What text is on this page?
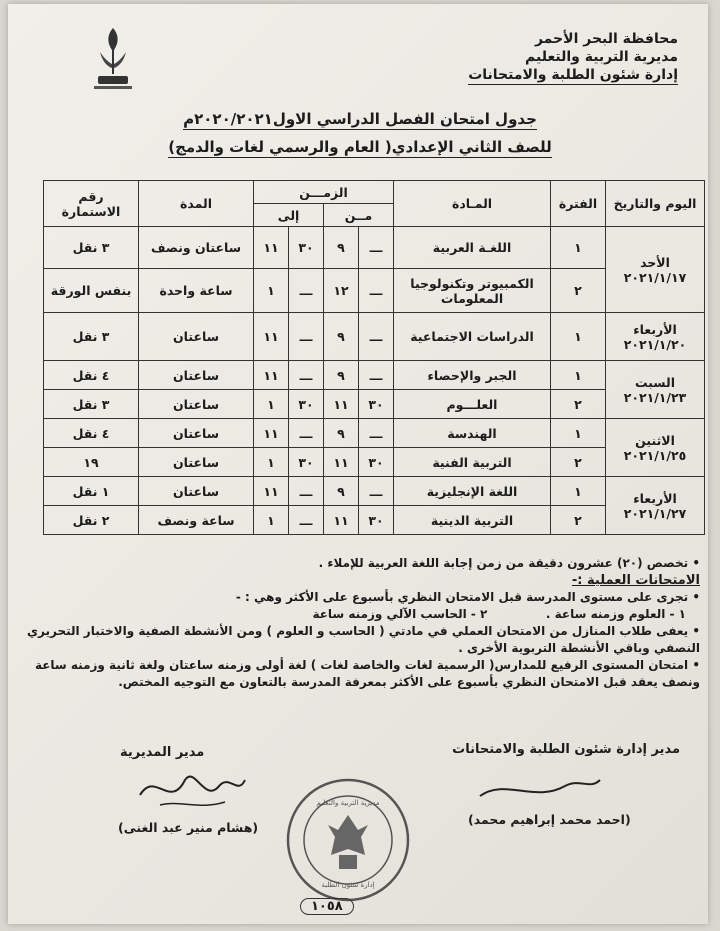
محافظة البحر الأحمر
مديرية التربية والتعليم
إدارة شئون الطلبة والامتحانات
جدول امتحان الفصل الدراسي الاول٢٠٢٠/٢٠٢١م
للصف الثاني الإعدادي( العام والرسمي لغات والدمج)
اليوم والتاريخ	الفترة	المـادة	الزمـــن				المدة	رقم الاستمارة
			مــن		إلى			

الأحد
٢٠٢١/١/١٧	١	اللغـة العربية	ـــ	٩	٣٠	١١	ساعتان ونصف	٣ نقل
	٢	الكمبيوتر وتكنولوجيا المعلومات	ـــ	١٢	ـــ	١	ساعة واحدة	بنفس الورقة

الأربعاء
٢٠٢١/١/٢٠	١	الدراسات الاجتماعية	ـــ	٩	ـــ	١١	ساعتان	٣ نقل

السبت
٢٠٢١/١/٢٣	١	الجبر والإحصاء	ـــ	٩	ـــ	١١	ساعتان	٤ نقل
	٢	العلـــوم	٣٠	١١	٣٠	١	ساعتان	٣ نقل

الاثنين
٢٠٢١/١/٢٥	١	الهندسة	ـــ	٩	ـــ	١١	ساعتان	٤ نقل
	٢	التربية الفنية	٣٠	١١	٣٠	١	ساعتان	١٩

الأربعاء
٢٠٢١/١/٢٧	١	اللغة الإنجليزية	ـــ	٩	ـــ	١١	ساعتان	١ نقل
	٢	التربية الدينية	٣٠	١١	ـــ	١	ساعة ونصف	٢ نقل

• تخصص (٢٠) عشرون دقيقة من زمن إجابة اللغة العربية للإملاء .

الامتحانات العملية :-

• تجرى على مستوى المدرسة قبل الامتحان النظري بأسبوع على الأكثر وهي : -

١ - العلوم وزمنه ساعة .              ٢ - الحاسب الآلي وزمنه ساعة

• يعفى طلاب المنازل من الامتحان العملي في مادتي ( الحاسب و العلوم ) ومن الأنشطة الصفية والاختبار التحريري النصفي وباقي الأنشطة التربوية الأخرى .

• امتحان المستوى الرفيع للمدارس( الرسمية لغات والخاصة لغات ) لغة أولى وزمنه ساعتان ولغة ثانية وزمنه ساعة ونصف يعقد قبل الامتحان النظري بأسبوع على الأكثر بمعرفة المدرسة بالتعاون مع التوجيه المختص.

مدير المديرية
(هشام منير عبد الغنى)
مدير إدارة شئون الطلبة والامتحانات
(احمد محمد إبراهيم محمد)
مديرية التربية والتعليم
إدارة شئون الطلبة
١٠٥٨
